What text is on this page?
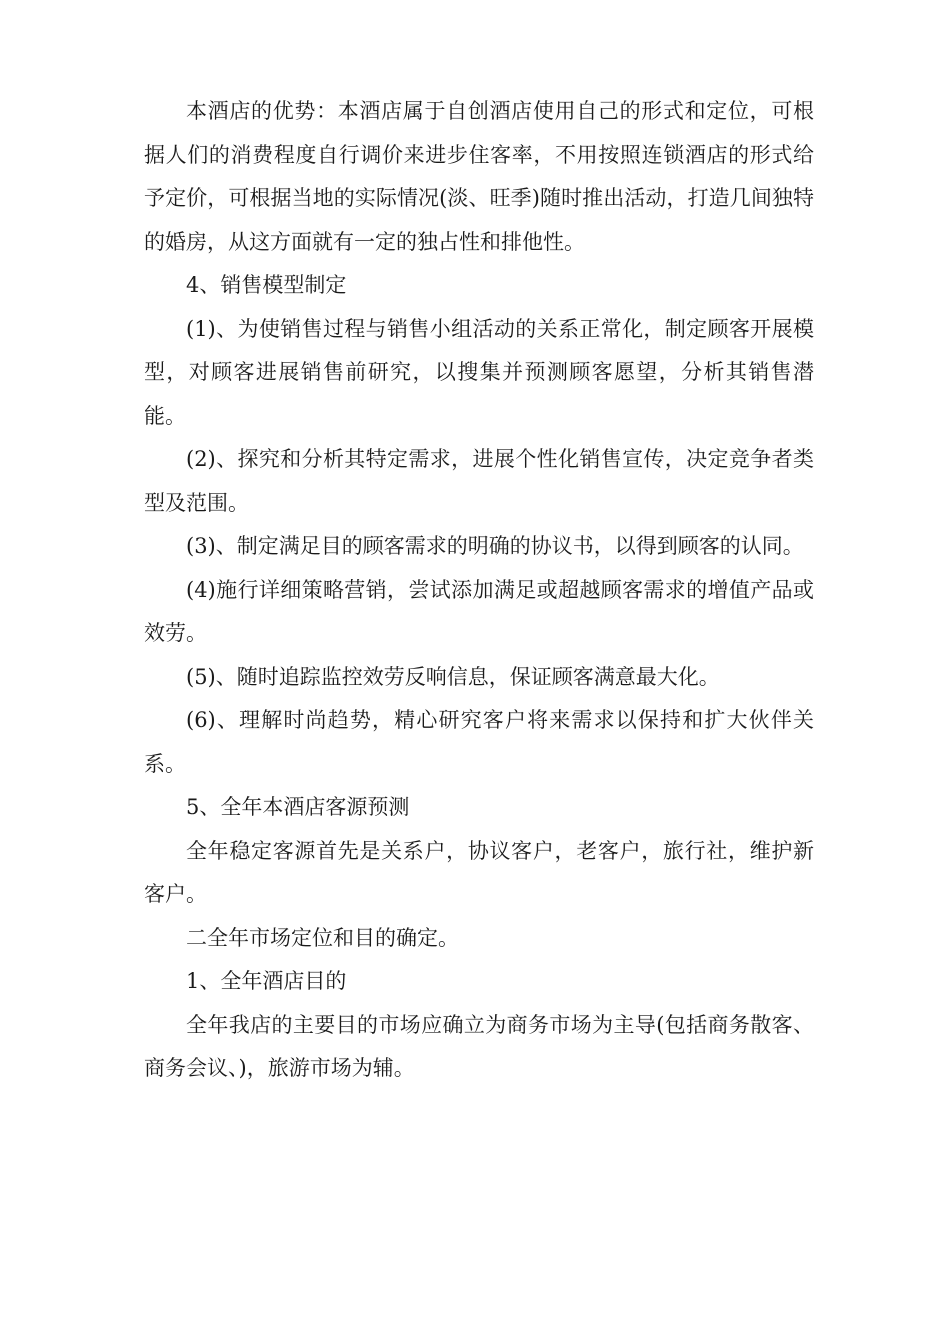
本酒店的优势：本酒店属于自创酒店使用自己的形式和定位，可根据人们的消费程度自行调价来进步住客率，不用按照连锁酒店的形式给予定价，可根据当地的实际情况(淡、旺季)随时推出活动，打造几间独特的婚房，从这方面就有一定的独占性和排他性。

4、销售模型制定

(1)、为使销售过程与销售小组活动的关系正常化，制定顾客开展模型，对顾客进展销售前研究，以搜集并预测顾客愿望，分析其销售潜能。

(2)、探究和分析其特定需求，进展个性化销售宣传，决定竞争者类型及范围。

(3)、制定满足目的顾客需求的明确的协议书，以得到顾客的认同。

(4)施行详细策略营销，尝试添加满足或超越顾客需求的增值产品或效劳。

(5)、随时追踪监控效劳反响信息，保证顾客满意最大化。

(6)、理解时尚趋势，精心研究客户将来需求以保持和扩大伙伴关系。

5、全年本酒店客源预测

全年稳定客源首先是关系户，协议客户，老客户，旅行社，维护新客户。

二全年市场定位和目的确定。

1、全年酒店目的

全年我店的主要目的市场应确立为商务市场为主导(包括商务散客、商务会议、)，旅游市场为辅。
